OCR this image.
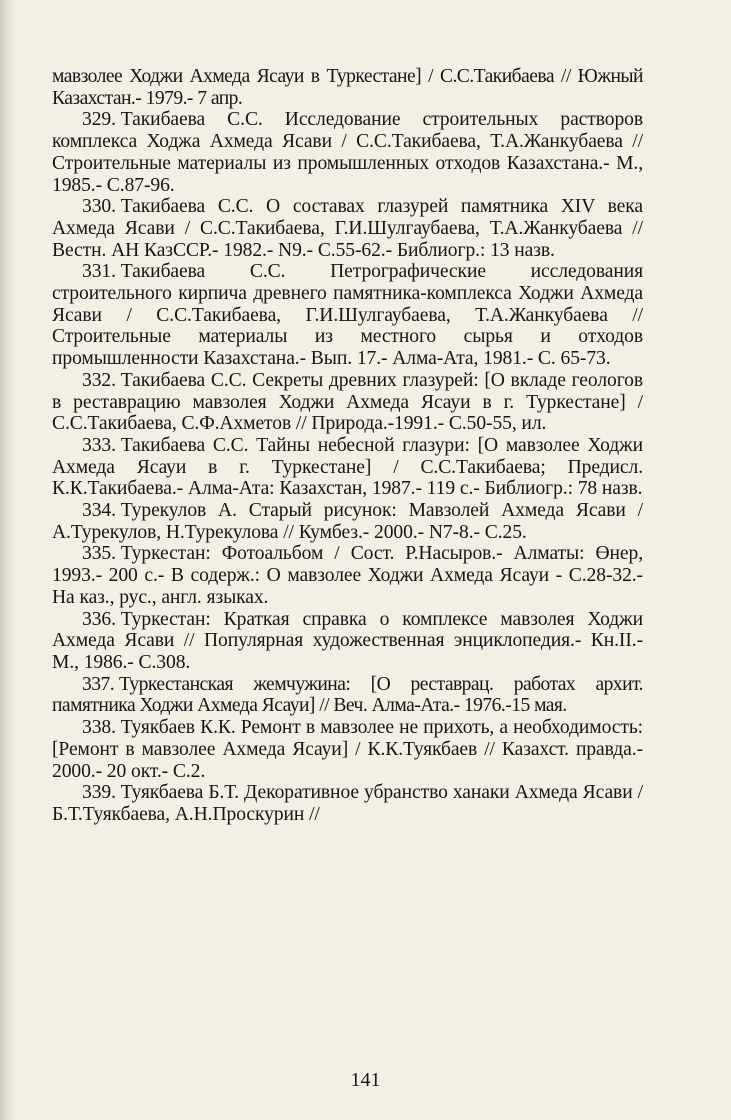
мавзолее Ходжи Ахмеда Ясауи в Туркестане] / С.С.Такибаева // Южный Казахстан.- 1979.- 7 апр.

329. Такибаева С.С. Исследование строительных растворов комплекса Ходжа Ахмеда Ясави / С.С.Такибаева, Т.А.Жанкубаева // Строительные материалы из промышленных отходов Казахстана.- М., 1985.- С.87-96.

330. Такибаева С.С. О составах глазурей памятника XIV века Ахмеда Ясави / С.С.Такибаева, Г.И.Шулгаубаева, Т.А.Жанкубаева // Вестн. АН КазССР.- 1982.- N9.- С.55-62.- Библиогр.: 13 назв.

331. Такибаева С.С. Петрографические исследования строительного кирпича древнего памятника-комплекса Ходжи Ахмеда Ясави / С.С.Такибаева, Г.И.Шулгаубаева, Т.А.Жанкубаева // Строительные материалы из местного сырья и отходов промышленности Казахстана.- Вып. 17.- Алма-Ата, 1981.- С. 65-73.

332. Такибаева С.С. Секреты древних глазурей: [О вкладе геологов в реставрацию мавзолея Ходжи Ахмеда Ясауи в г. Туркестане] / С.С.Такибаева, С.Ф.Ахметов // Природа.-1991.- С.50-55, ил.

333. Такибаева С.С. Тайны небесной глазури: [О мавзолее Ходжи Ахмеда Ясауи в г. Туркестане] / С.С.Такибаева; Предисл. К.К.Такибаева.- Алма-Ата: Казахстан, 1987.- 119 с.- Библиогр.: 78 назв.

334. Турекулов А. Старый рисунок: Мавзолей Ахмеда Ясави / А.Турекулов, Н.Турекулова // Кумбез.- 2000.- N7-8.- С.25.

335. Туркестан: Фотоальбом / Сост. Р.Насыров.- Алматы: Өнер, 1993.- 200 с.- В содерж.: О мавзолее Ходжи Ахмеда Ясауи - С.28-32.- На каз., рус., англ. языках.

336. Туркестан: Краткая справка о комплексе мавзолея Ходжи Ахмеда Ясави // Популярная художественная энциклопедия.- Кн.II.- М., 1986.- С.308.

337. Туркестанская жемчужина: [О реставрац. работах архит. памятника Ходжи Ахмеда Ясауи] // Веч. Алма-Ата.- 1976.-15 мая.

338. Туякбаев К.К. Ремонт в мавзолее не прихоть, а необходимость: [Ремонт в мавзолее Ахмеда Ясауи] / К.К.Туякбаев // Казахст. правда.- 2000.- 20 окт.- С.2.

339. Туякбаева Б.Т. Декоративное убранство ханаки Ахмеда Ясави / Б.Т.Туякбаева, А.Н.Проскурин //

141
